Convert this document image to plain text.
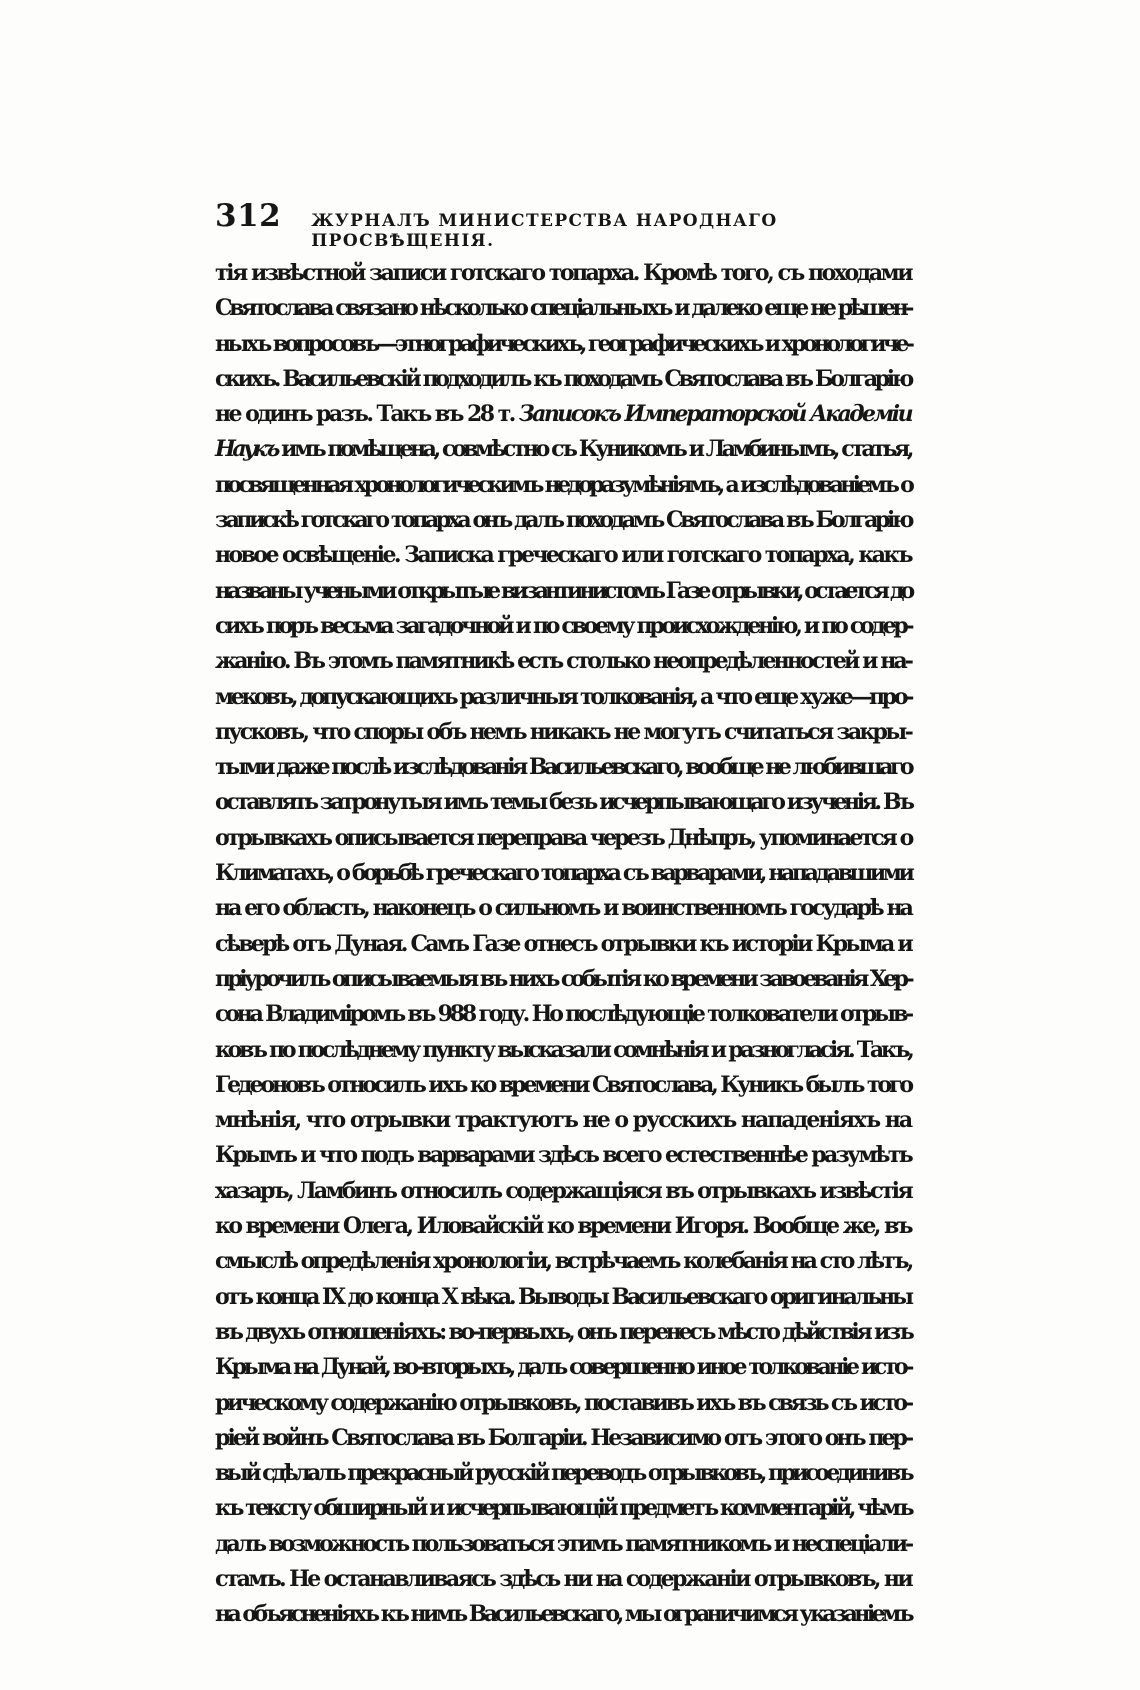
312 ЖУРНАЛЪ МИНИСТЕРСТВА НАРОДНАГО ПРОСВѢЩЕНІЯ.
тія извѣстной записи готскаго топарха. Кромѣ того, съ походами
Святослава связано нѣсколько спеціальныхъ и далеко еще не рѣшен-
ныхъ вопросовъ—этнографическихъ, географическихъ и хронологиче-
скихъ. Васильевскій подходилъ къ походамъ Святослава въ Болгарію
не одинъ разъ. Такъ въ 28 т. Записокъ Императорской Академіи
Наукъ имъ помѣщена, совмѣстно съ Куникомъ и Ламбинымъ, статья,
посвященная хронологическимъ недоразумѣніямъ, а изслѣдованіемъ о
запискѣ готскаго топарха онъ далъ походамъ Святослава въ Болгарію
новое освѣщеніе. Записка греческаго или готскаго топарха, какъ
названы учеными открытые византинистомъ Газе отрывки, остается до
сихъ поръ весьма загадочной и по своему происхожденію, и по содер-
жанію. Въ этомъ памятникѣ есть столько неопредѣленностей и на-
мековъ, допускающихъ различныя толкованія, а что еще хуже—про-
пусковъ, что споры объ немъ никакъ не могутъ считаться закры-
тыми даже послѣ изслѣдованія Васильевскаго, вообще не любившаго
оставлять затронутыя имъ темы безъ исчерпывающаго изученія. Въ
отрывкахъ описывается переправа черезъ Днѣпръ, упоминается о
Климатахъ, о борьбѣ греческаго топарха съ варварами, нападавшими
на его область, наконецъ о сильномъ и воинственномъ государѣ на
сѣверѣ отъ Дуная. Самъ Газе отнесъ отрывки къ исторіи Крыма и
пріурочилъ описываемыя въ нихъ событія ко времени завоеванія Хер-
сона Владиміромъ въ 988 году. Но послѣдующіе толкователи отрыв-
ковъ по послѣднему пункту высказали сомнѣнія и разногласія. Такъ,
Гедеоновъ относилъ ихъ ко времени Святослава, Куникъ былъ того
мнѣнія, что отрывки трактуютъ не о русскихъ нападеніяхъ на
Крымъ и что подъ варварами здѣсь всего естественнѣе разумѣть
хазаръ, Ламбинъ относилъ содержащіяся въ отрывкахъ извѣстія
ко времени Олега, Иловайскій ко времени Игоря. Вообще же, въ
смыслѣ опредѣленія хронологіи, встрѣчаемъ колебанія на сто лѣтъ,
отъ конца IX до конца X вѣка. Выводы Васильевскаго оригинальны
въ двухъ отношеніяхъ: во-первыхъ, онъ перенесъ мѣсто дѣйствія изъ
Крыма на Дунай, во-вторыхъ, далъ совершенно иное толкованіе исто-
рическому содержанію отрывковъ, поставивъ ихъ въ связь съ исто-
ріей войнъ Святослава въ Болгаріи. Независимо отъ этого онъ пер-
вый сдѣлалъ прекрасный русскій переводъ отрывковъ, присоединивъ
къ тексту обширный и исчерпывающій предметъ комментарій, чѣмъ
далъ возможность пользоваться этимъ памятникомъ и неспеціали-
стамъ. Не останавливаясь здѣсь ни на содержаніи отрывковъ, ни
на объясненіяхъ къ нимъ Васильевскаго, мы ограничимся указаніемъ
